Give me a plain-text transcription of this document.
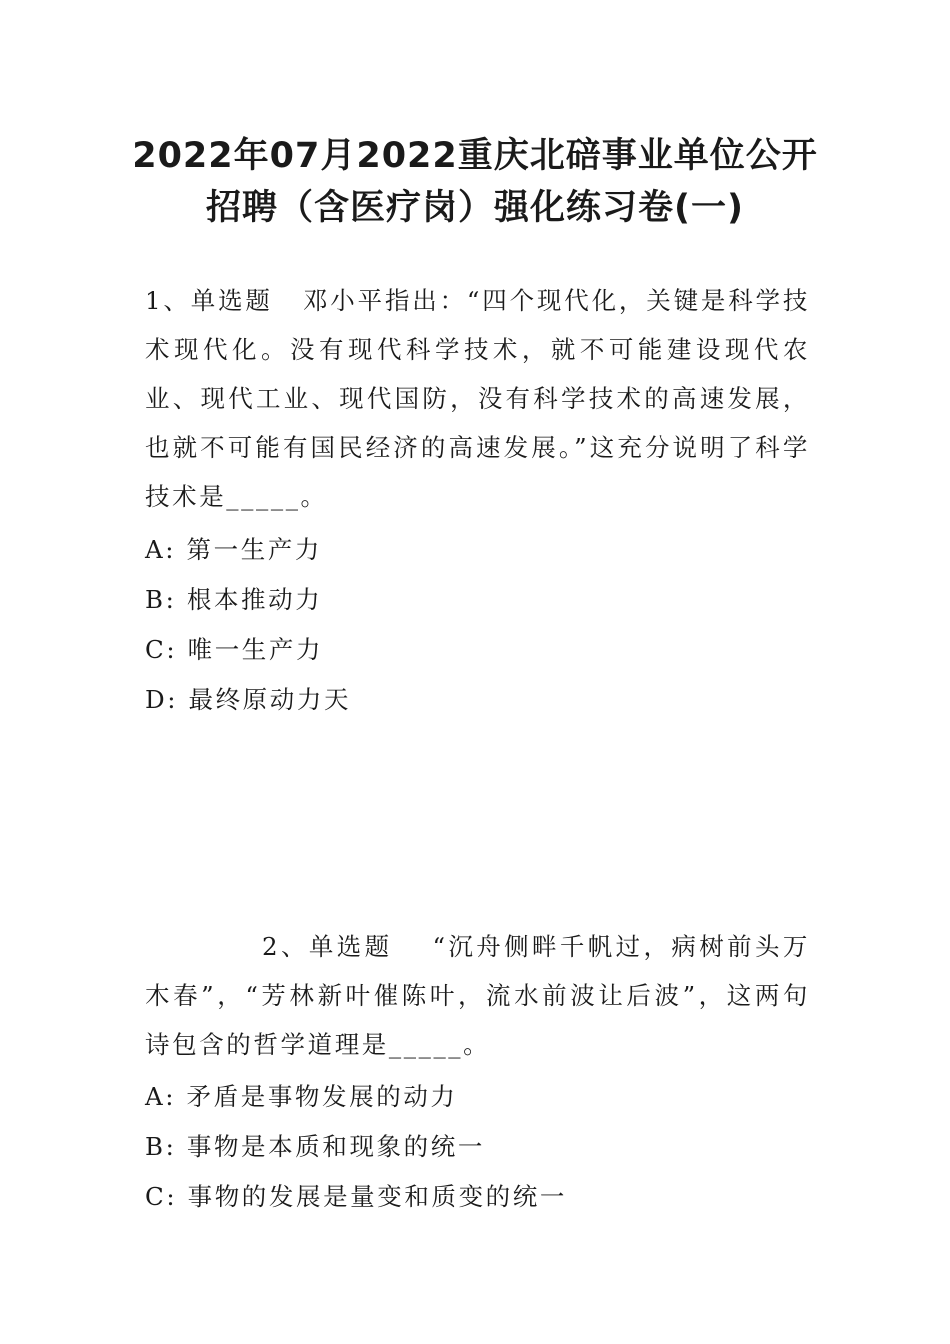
2022年07月2022重庆北碚事业单位公开
招聘（含医疗岗）强化练习卷(一)
1、单选题 邓小平指出：“四个现代化，关键是科学技术现代化。没有现代科学技术，就不可能建设现代农业、现代工业、现代国防，没有科学技术的高速发展，也就不可能有国民经济的高速发展。”这充分说明了科学技术是_____。
A: 第一生产力
B: 根本推动力
C: 唯一生产力
D: 最终原动力天
2、单选题 “沉舟侧畔千帆过，病树前头万木春”，“芳林新叶催陈叶，流水前波让后波”，这两句诗包含的哲学道理是_____。
A: 矛盾是事物发展的动力
B: 事物是本质和现象的统一
C: 事物的发展是量变和质变的统一
